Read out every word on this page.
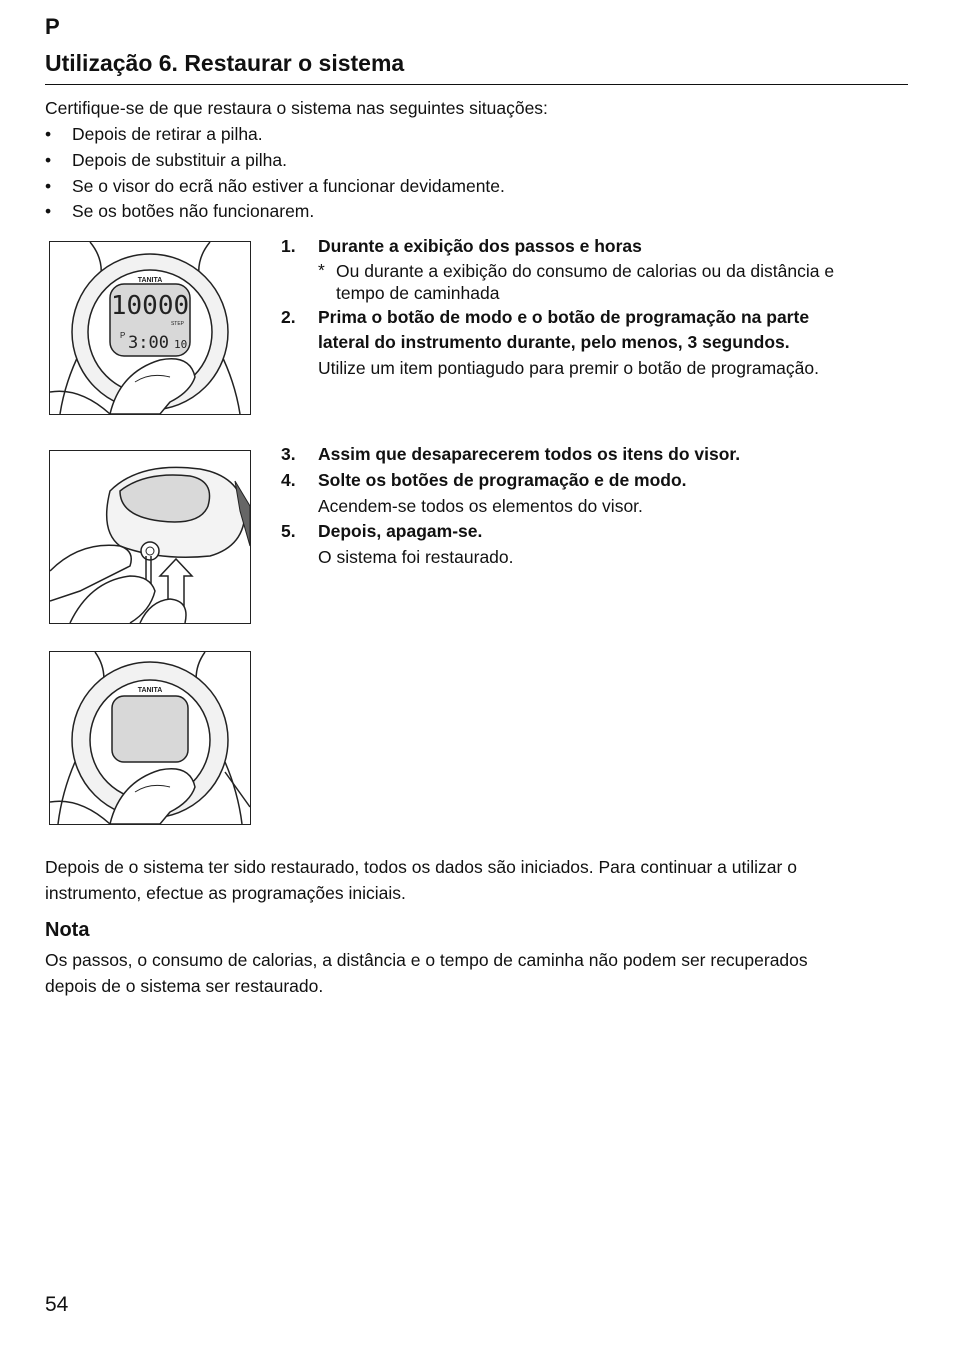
P
Utilização 6. Restaurar o sistema
Certifique-se de que restaura o sistema nas seguintes situações:
• Depois de retirar a pilha.
• Depois de substituir a pilha.
• Se o visor do ecrã não estiver a funcionar devidamente.
• Se os botões não funcionarem.
TANITA
10000
STEP
P 3:00 10
1. Durante a exibição dos passos e horas
* Ou durante a exibição do consumo de calorias ou da distância e
tempo de caminhada
2. Prima o botão de modo e o botão de programação na parte
lateral do instrumento durante, pelo menos, 3 segundos.
Utilize um item pontiagudo para premir o botão de programação.
3. Assim que desaparecerem todos os itens do visor.
4. Solte os botões de programação e de modo.
Acendem-se todos os elementos do visor.
5. Depois, apagam-se.
O sistema foi restaurado.
TANITA
Depois de o sistema ter sido restaurado, todos os dados são iniciados. Para continuar a utilizar o
instrumento, efectue as programações iniciais.
Nota
Os passos, o consumo de calorias, a distância e o tempo de caminha não podem ser recuperados
depois de o sistema ser restaurado.
54
